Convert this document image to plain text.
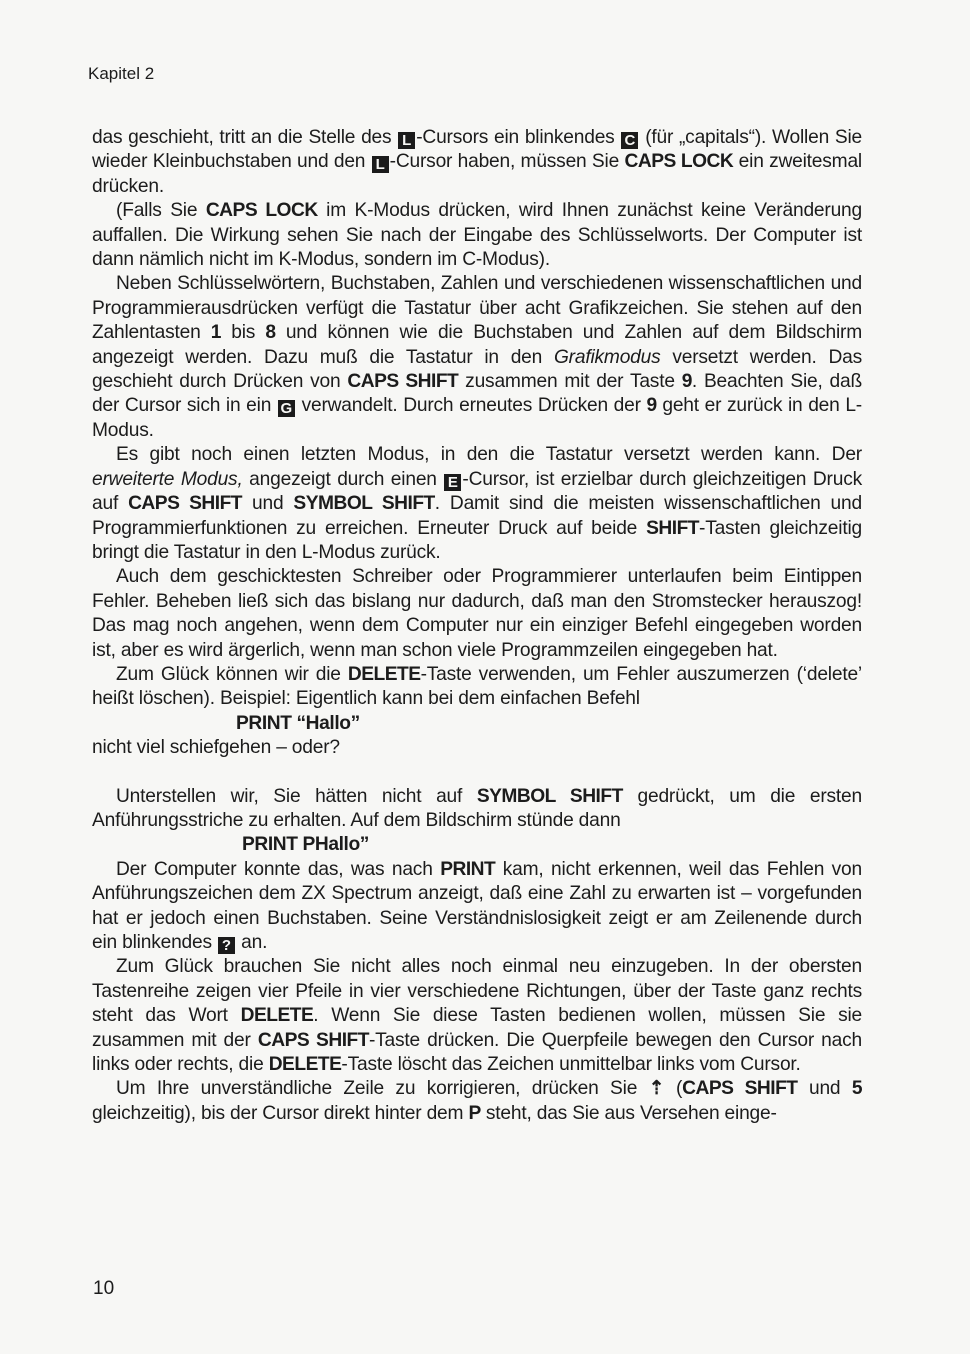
Kapitel 2

das geschieht, tritt an die Stelle des L -Cursors ein blinkendes C (für „capitals“). Wollen Sie wieder Kleinbuchstaben und den L -Cursor haben, müssen Sie CAPS LOCK ein zweitesmal drücken.

(Falls Sie CAPS LOCK im K-Modus drücken, wird Ihnen zunächst keine Veränderung auffallen. Die Wirkung sehen Sie nach der Eingabe des Schlüsselworts. Der Computer ist dann nämlich nicht im K-Modus, sondern im C-Modus).

Neben Schlüsselwörtern, Buchstaben, Zahlen und verschiedenen wissenschaftlichen und Programmierausdrücken verfügt die Tastatur über acht Grafikzeichen. Sie stehen auf den Zahlentasten 1 bis 8 und können wie die Buchstaben und Zahlen auf dem Bildschirm angezeigt werden. Dazu muß die Tastatur in den Grafikmodus versetzt werden. Das geschieht durch Drücken von CAPS SHIFT zusammen mit der Taste 9. Beachten Sie, daß der Cursor sich in ein G verwandelt. Durch erneutes Drücken der 9 geht er zurück in den L-Modus.

Es gibt noch einen letzten Modus, in den die Tastatur versetzt werden kann. Der erweiterte Modus, angezeigt durch einen E -Cursor, ist erzielbar durch gleichzeitigen Druck auf CAPS SHIFT und SYMBOL SHIFT. Damit sind die meisten wissenschaftlichen und Programmierfunktionen zu erreichen. Erneuter Druck auf beide SHIFT-Tasten gleichzeitig bringt die Tastatur in den L-Modus zurück.

Auch dem geschicktesten Schreiber oder Programmierer unterlaufen beim Eintippen Fehler. Beheben ließ sich das bislang nur dadurch, daß man den Stromstecker herauszog! Das mag noch angehen, wenn dem Computer nur ein einziger Befehl eingegeben worden ist, aber es wird ärgerlich, wenn man schon viele Programmzeilen eingegeben hat.

Zum Glück können wir die DELETE-Taste verwenden, um Fehler auszumerzen (‘delete’ heißt löschen). Beispiel: Eigentlich kann bei dem einfachen Befehl

PRINT “Hallo”

nicht viel schiefgehen – oder?

Unterstellen wir, Sie hätten nicht auf SYMBOL SHIFT gedrückt, um die ersten Anführungsstriche zu erhalten. Auf dem Bildschirm stünde dann

PRINT PHallo”

Der Computer konnte das, was nach PRINT kam, nicht erkennen, weil das Fehlen von Anführungszeichen dem ZX Spectrum anzeigt, daß eine Zahl zu erwarten ist – vorgefunden hat er jedoch einen Buchstaben. Seine Verständnislosigkeit zeigt er am Zeilenende durch ein blinkendes ? an.

Zum Glück brauchen Sie nicht alles noch einmal neu einzugeben. In der obersten Tastenreihe zeigen vier Pfeile in vier verschiedene Richtungen, über der Taste ganz rechts steht das Wort DELETE. Wenn Sie diese Tasten bedienen wollen, müssen Sie sie zusammen mit der CAPS SHIFT-Taste drücken. Die Querpfeile bewegen den Cursor nach links oder rechts, die DELETE-Taste löscht das Zeichen unmittelbar links vom Cursor.

Um Ihre unverständliche Zeile zu korrigieren, drücken Sie ⇡ (CAPS SHIFT und 5 gleichzeitig), bis der Cursor direkt hinter dem P steht, das Sie aus Versehen einge-

10
